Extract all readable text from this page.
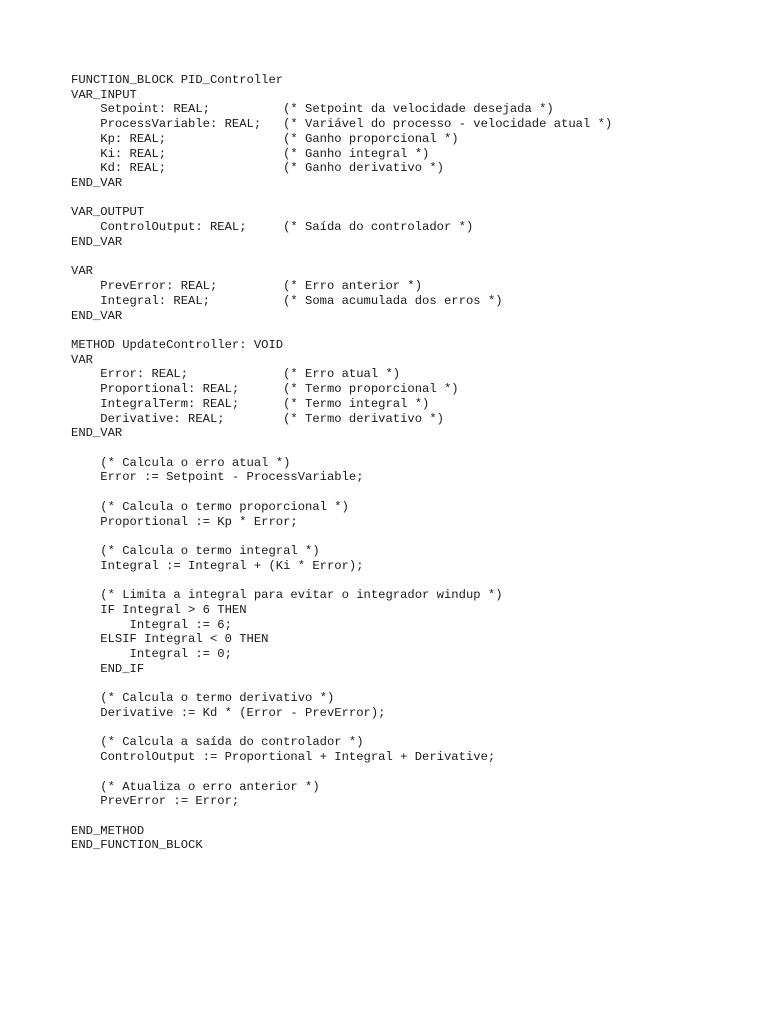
FUNCTION_BLOCK PID_Controller
VAR_INPUT
Setpoint: REAL;          (* Setpoint da velocidade desejada *)
ProcessVariable: REAL;   (* Variável do processo - velocidade atual *)
Kp: REAL;                (* Ganho proporcional *)
Ki: REAL;                (* Ganho integral *)
Kd: REAL;                (* Ganho derivativo *)
END_VAR
VAR_OUTPUT
ControlOutput: REAL;     (* Saída do controlador *)
END_VAR
VAR
PrevError: REAL;         (* Erro anterior *)
Integral: REAL;          (* Soma acumulada dos erros *)
END_VAR
METHOD UpdateController: VOID
VAR
Error: REAL;             (* Erro atual *)
Proportional: REAL;      (* Termo proporcional *)
IntegralTerm: REAL;      (* Termo integral *)
Derivative: REAL;        (* Termo derivativo *)
END_VAR
(* Calcula o erro atual *)
Error := Setpoint - ProcessVariable;
(* Calcula o termo proporcional *)
Proportional := Kp * Error;
(* Calcula o termo integral *)
Integral := Integral + (Ki * Error);
(* Limita a integral para evitar o integrador windup *)
IF Integral > 6 THEN
Integral := 6;
ELSIF Integral < 0 THEN
Integral := 0;
END_IF
(* Calcula o termo derivativo *)
Derivative := Kd * (Error - PrevError);
(* Calcula a saída do controlador *)
ControlOutput := Proportional + Integral + Derivative;
(* Atualiza o erro anterior *)
PrevError := Error;
END_METHOD
END_FUNCTION_BLOCK
